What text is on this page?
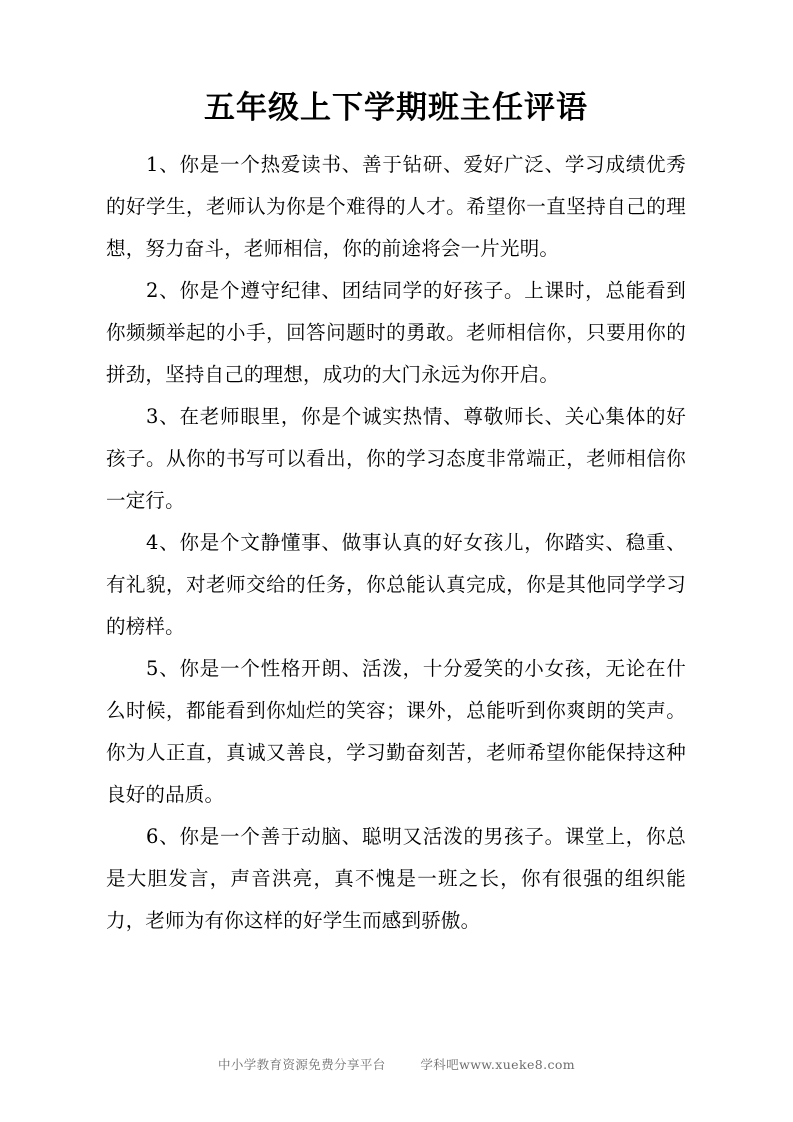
五年级上下学期班主任评语

1、你是一个热爱读书、善于钻研、爱好广泛、学习成绩优秀的好学生，老师认为你是个难得的人才。希望你一直坚持自己的理想，努力奋斗，老师相信，你的前途将会一片光明。

2、你是个遵守纪律、团结同学的好孩子。上课时，总能看到你频频举起的小手，回答问题时的勇敢。老师相信你，只要用你的拼劲，坚持自己的理想，成功的大门永远为你开启。

3、在老师眼里，你是个诚实热情、尊敬师长、关心集体的好孩子。从你的书写可以看出，你的学习态度非常端正，老师相信你一定行。

4、你是个文静懂事、做事认真的好女孩儿，你踏实、稳重、有礼貌，对老师交给的任务，你总能认真完成，你是其他同学学习的榜样。

5、你是一个性格开朗、活泼，十分爱笑的小女孩，无论在什么时候，都能看到你灿烂的笑容；课外，总能听到你爽朗的笑声。你为人正直，真诚又善良，学习勤奋刻苦，老师希望你能保持这种良好的品质。

6、你是一个善于动脑、聪明又活泼的男孩子。课堂上，你总是大胆发言，声音洪亮，真不愧是一班之长，你有很强的组织能力，老师为有你这样的好学生而感到骄傲。

中小学教育资源免费分享平台	学科吧www.xueke8.com
